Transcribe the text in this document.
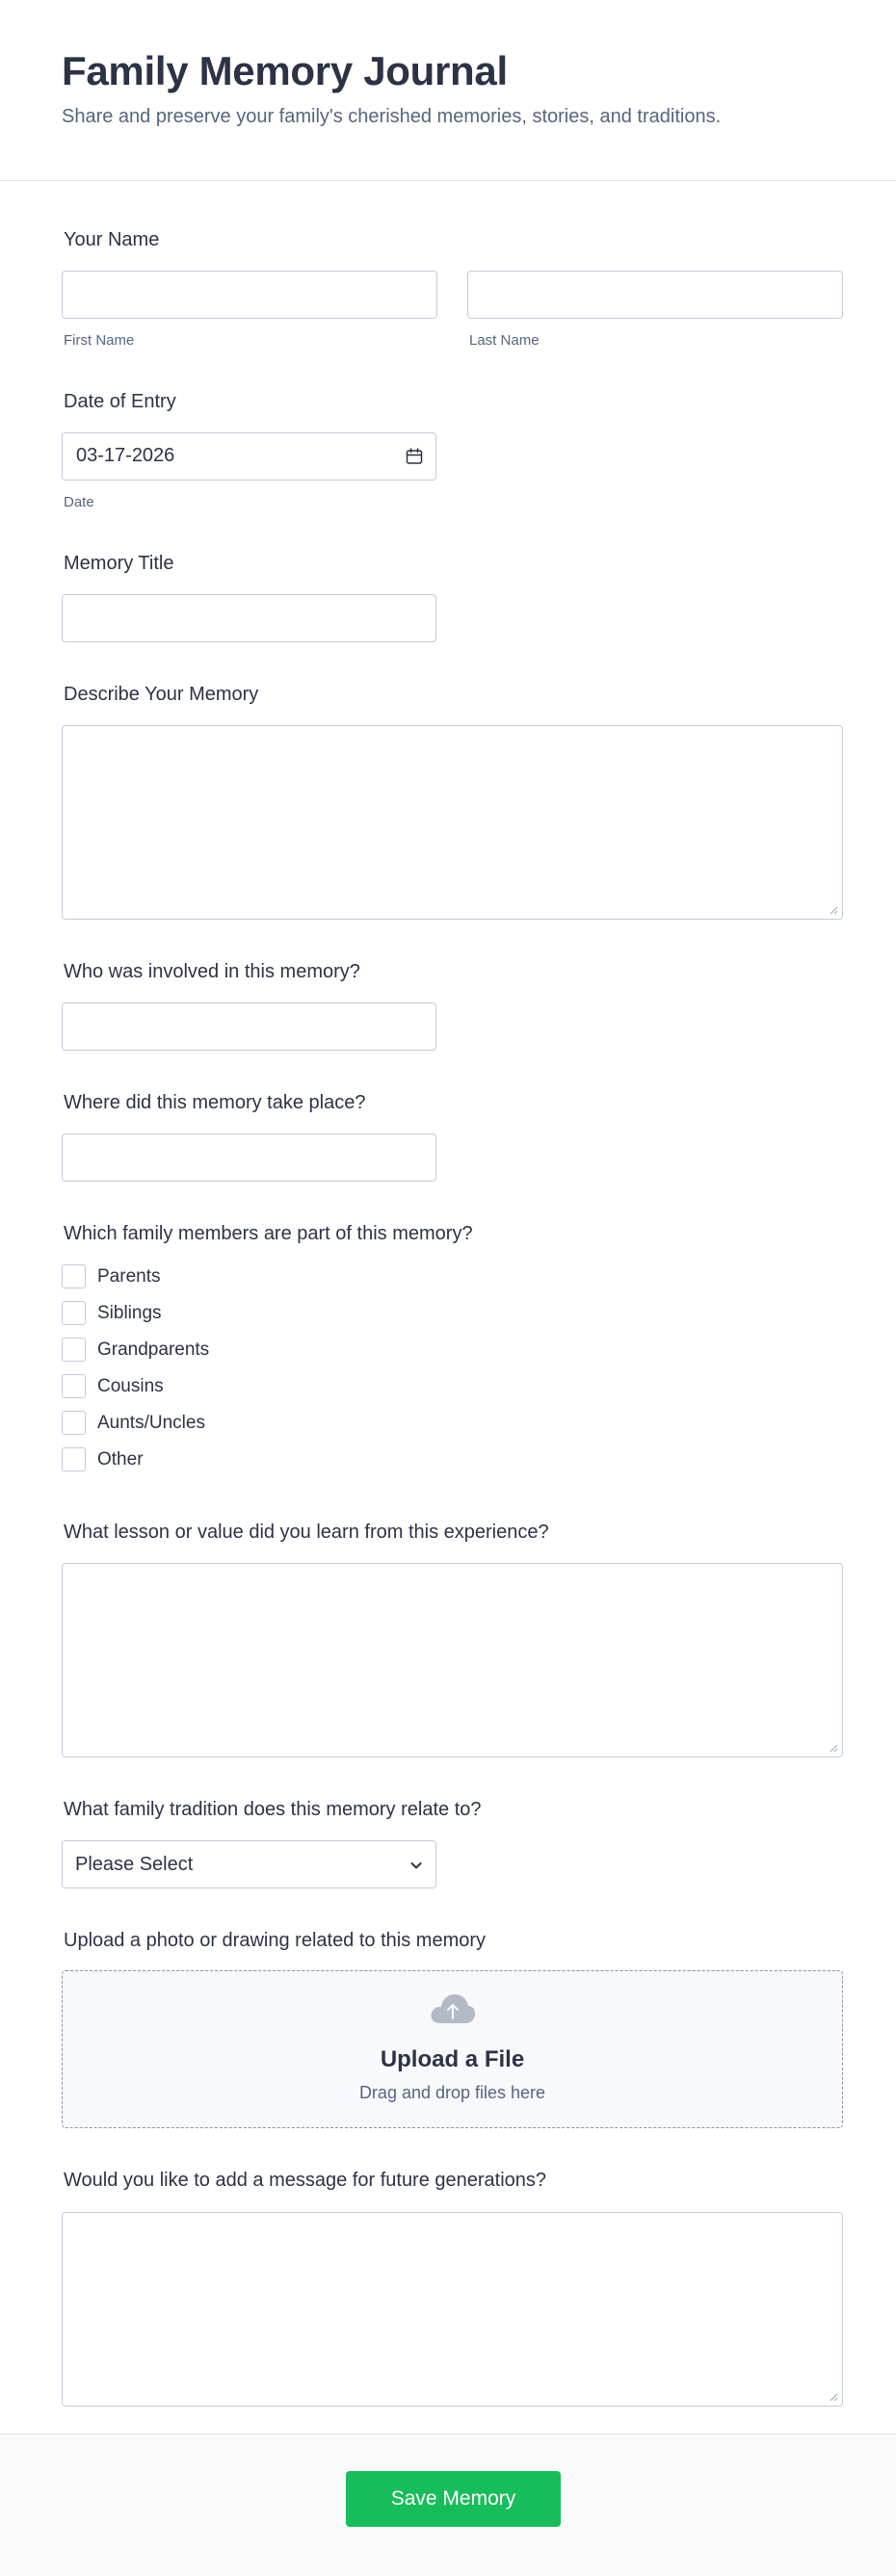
Family Memory Journal
Share and preserve your family's cherished memories, stories, and traditions.
Your Name
First Name	Last Name
Date of Entry
03-17-2026
Date
Memory Title
Describe Your Memory
Who was involved in this memory?
Where did this memory take place?
Which family members are part of this memory?
Parents
Siblings
Grandparents
Cousins
Aunts/Uncles
Other
What lesson or value did you learn from this experience?
What family tradition does this memory relate to?
Please Select
Upload a photo or drawing related to this memory
Upload a File
Drag and drop files here
Would you like to add a message for future generations?
Save Memory
